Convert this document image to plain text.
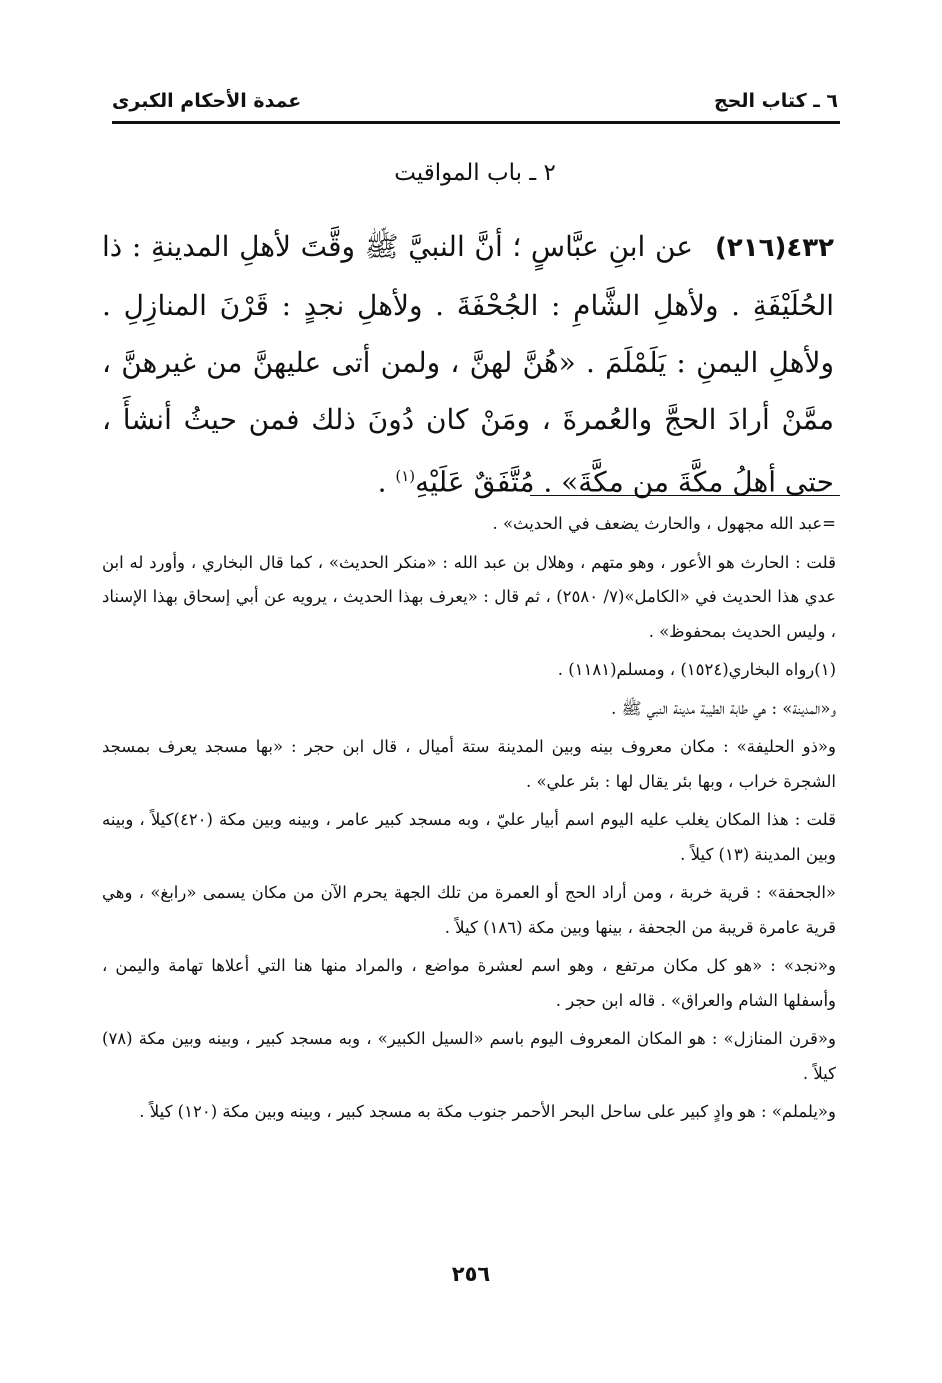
٦ ـ كتاب الحج
عمدة الأحكام الكبرى
٢ ـ باب المواقيت
٤٣٢(٢١٦)عن ابنِ عبَّاسٍ ؛ أنَّ النبيَّ ﷺ وقَّتَ لأهلِ المدينةِ : ذا الحُلَيْفَةِ . ولأهلِ الشَّامِ : الجُحْفَةَ . ولأهلِ نجدٍ : قَرْنَ المنازِلِ . ولأهلِ اليمنِ : يَلَمْلَمَ . «هُنَّ لهنَّ ، ولمن أتى عليهنَّ من غيرهنَّ ، ممَّنْ أرادَ الحجَّ والعُمرةَ ، ومَنْ كان دُونَ ذلك فمن حيثُ أنشأَ ، حتى أهلُ مكَّةَ من مكَّةَ» . مُتَّفَقٌ عَلَيْهِ$^{(١)}$ .

=عبد الله مجهول ، والحارث يضعف في الحديث» .

قلت : الحارث هو الأعور ، وهو متهم ، وهلال بن عبد الله : «منكر الحديث» ، كما قال البخاري ، وأورد له ابن عدي هذا الحديث في «الكامل»(٧/ ٢٥٨٠) ، ثم قال : «يعرف بهذا الحديث ، يرويه عن أبي إسحاق بهذا الإسناد ، وليس الحديث بمحفوظ» .

(١)رواه البخاري(١٥٢٤) ، ومسلم(١١٨١) .

و«المدينة» : هي طابة الطيبة مدينة النبي ﷺ .

و«ذو الحليفة» : مكان معروف بينه وبين المدينة ستة أميال ، قال ابن حجر : «بها مسجد يعرف بمسجد الشجرة خراب ، وبها بئر يقال لها : بئر علي» .

قلت : هذا المكان يغلب عليه اليوم اسم أبيار عليّ ، وبه مسجد كبير عامر ، وبينه وبين مكة (٤٢٠)كيلاً ، وبينه وبين المدينة (١٣) كيلاً .

«الجحفة» : قرية خربة ، ومن أراد الحج أو العمرة من تلك الجهة يحرم الآن من مكان يسمى «رابغ» ، وهي قرية عامرة قريبة من الجحفة ، بينها وبين مكة (١٨٦) كيلاً .

و«نجد» : «هو كل مكان مرتفع ، وهو اسم لعشرة مواضع ، والمراد منها هنا التي أعلاها تهامة واليمن ، وأسفلها الشام والعراق» . قاله ابن حجر .

و«قرن المنازل» : هو المكان المعروف اليوم باسم «السيل الكبير» ، وبه مسجد كبير ، وبينه وبين مكة (٧٨) كيلاً .

و«يلملم» : هو وادٍ كبير على ساحل البحر الأحمر جنوب مكة به مسجد كبير ، وبينه وبين مكة (١٢٠) كيلاً .

٢٥٦
